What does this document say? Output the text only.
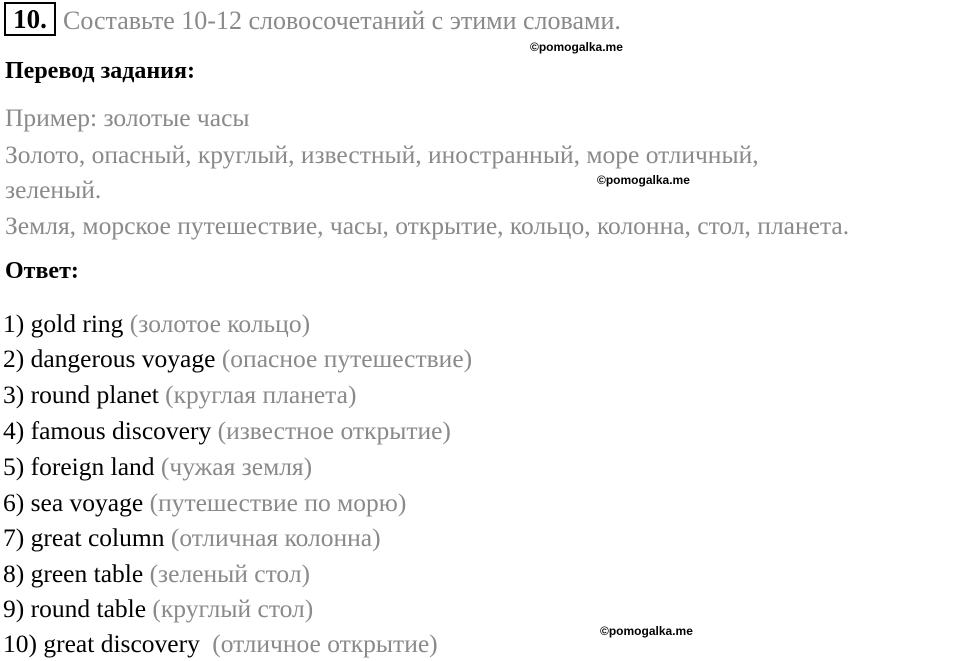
10. Составьте 10-12 словосочетаний с этими словами.
©pomogalka.me
©pomogalka.me
©pomogalka.me
Перевод задания:
Пример: золотые часы
Золото, опасный, круглый, известный, иностранный, море отличный,
зеленый.
Земля, морское путешествие, часы, открытие, кольцо, колонна, стол, планета.
Ответ:
1) gold ring (золотое кольцо)
2) dangerous voyage (опасное путешествие)
3) round planet (круглая планета)
4) famous discovery (известное открытие)
5) foreign land (чужая земля)
6) sea voyage (путешествие по морю)
7) great column (отличная колонна)
8) green table (зеленый стол)
9) round table (круглый стол)
10) great discovery (отличное открытие)
